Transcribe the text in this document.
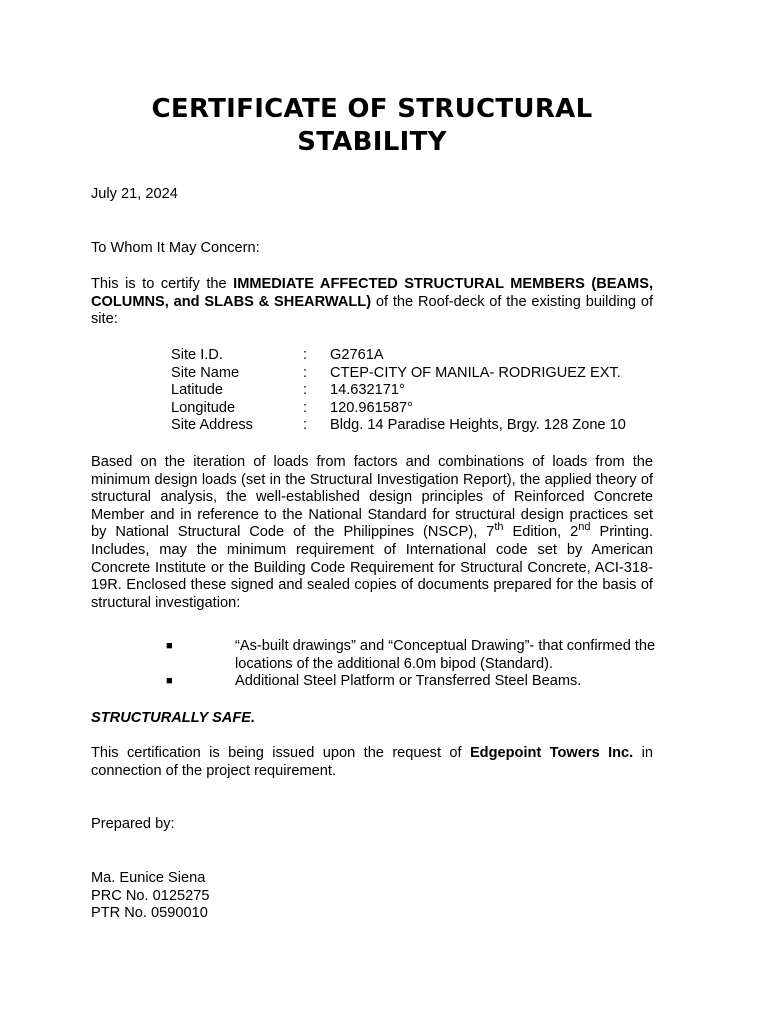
CERTIFICATE OF STRUCTURAL STABILITY
July 21, 2024
To Whom It May Concern:
This is to certify the IMMEDIATE AFFECTED STRUCTURAL MEMBERS (BEAMS, COLUMNS, and SLABS & SHEARWALL) of the Roof-deck of the existing building of site:
Site I.D.	: G2761A
Site Name	: CTEP-CITY OF MANILA- RODRIGUEZ EXT.
Latitude	: 14.632171°
Longitude	: 120.961587°
Site Address	: Bldg. 14 Paradise Heights, Brgy. 128 Zone 10
Based on the iteration of loads from factors and combinations of loads from the minimum design loads (set in the Structural Investigation Report), the applied theory of structural analysis, the well-established design principles of Reinforced Concrete Member and in reference to the National Standard for structural design practices set by National Structural Code of the Philippines (NSCP), 7th Edition, 2nd Printing. Includes, may the minimum requirement of International code set by American Concrete Institute or the Building Code Requirement for Structural Concrete, ACI-318-19R. Enclosed these signed and sealed copies of documents prepared for the basis of structural investigation:
■	“As-built drawings” and “Conceptual Drawing”- that confirmed the locations of the additional 6.0m bipod (Standard).
■	Additional Steel Platform or Transferred Steel Beams.
STRUCTURALLY SAFE.
This certification is being issued upon the request of Edgepoint Towers Inc. in connection of the project requirement.
Prepared by:
Ma. Eunice Siena
PRC No. 0125275
PTR No. 0590010
